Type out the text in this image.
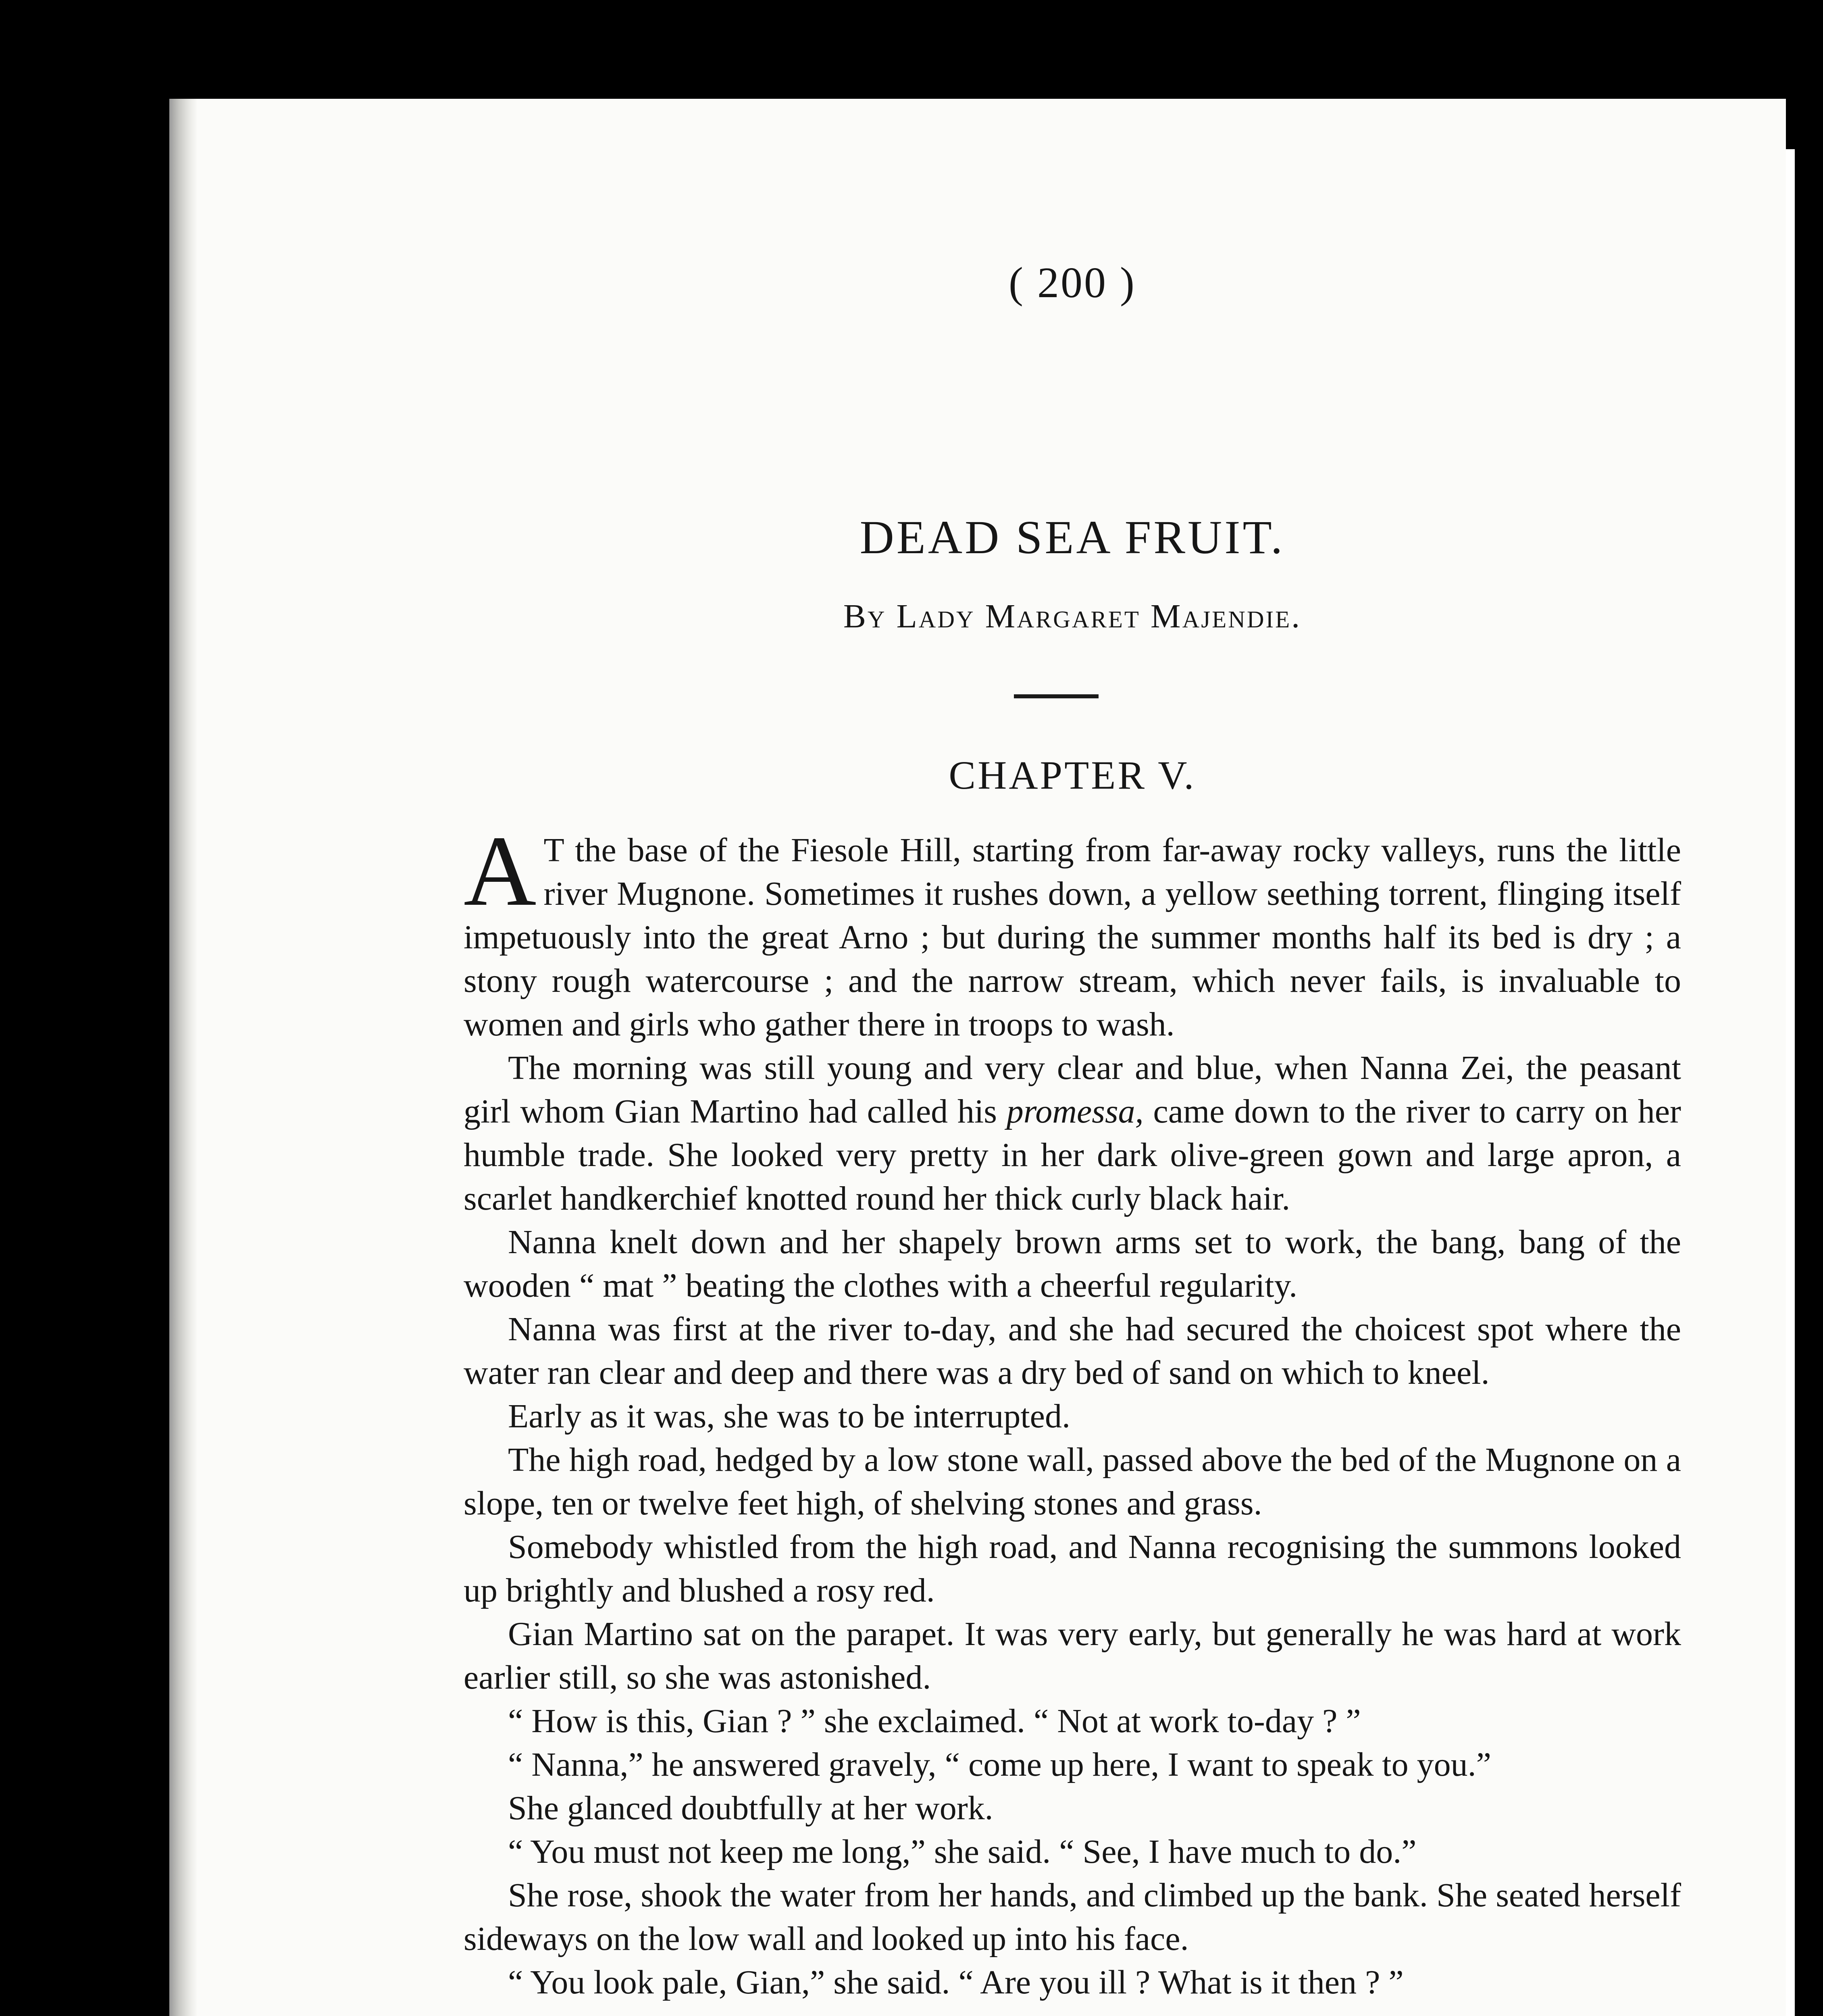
( 200 )
DEAD SEA FRUIT.
By Lady Margaret Majendie.
CHAPTER V.

A T the base of the Fiesole Hill, starting from far-away rocky valleys, runs the little river Mugnone. Sometimes it rushes down, a yellow seething torrent, flinging itself impetuously into the great Arno ; but during the summer months half its bed is dry ; a stony rough watercourse ; and the narrow stream, which never fails, is invaluable to women and girls who gather there in troops to wash.

The morning was still young and very clear and blue, when Nanna Zei, the peasant girl whom Gian Martino had called his promessa, came down to the river to carry on her humble trade. She looked very pretty in her dark olive-green gown and large apron, a scarlet handkerchief knotted round her thick curly black hair.

Nanna knelt down and her shapely brown arms set to work, the bang, bang of the wooden “ mat ” beating the clothes with a cheerful regularity.

Nanna was first at the river to-day, and she had secured the choicest spot where the water ran clear and deep and there was a dry bed of sand on which to kneel.

Early as it was, she was to be interrupted.

The high road, hedged by a low stone wall, passed above the bed of the Mugnone on a slope, ten or twelve feet high, of shelving stones and grass.

Somebody whistled from the high road, and Nanna recognising the summons looked up brightly and blushed a rosy red.

Gian Martino sat on the parapet. It was very early, but generally he was hard at work earlier still, so she was astonished.

“ How is this, Gian ? ” she exclaimed. “ Not at work to-day ? ”

“ Nanna,” he answered gravely, “ come up here, I want to speak to you.”

She glanced doubtfully at her work.

“ You must not keep me long,” she said. “ See, I have much to do.”

She rose, shook the water from her hands, and climbed up the bank. She seated herself sideways on the low wall and looked up into his face.

“ You look pale, Gian,” she said. “ Are you ill ? What is it then ? ”
